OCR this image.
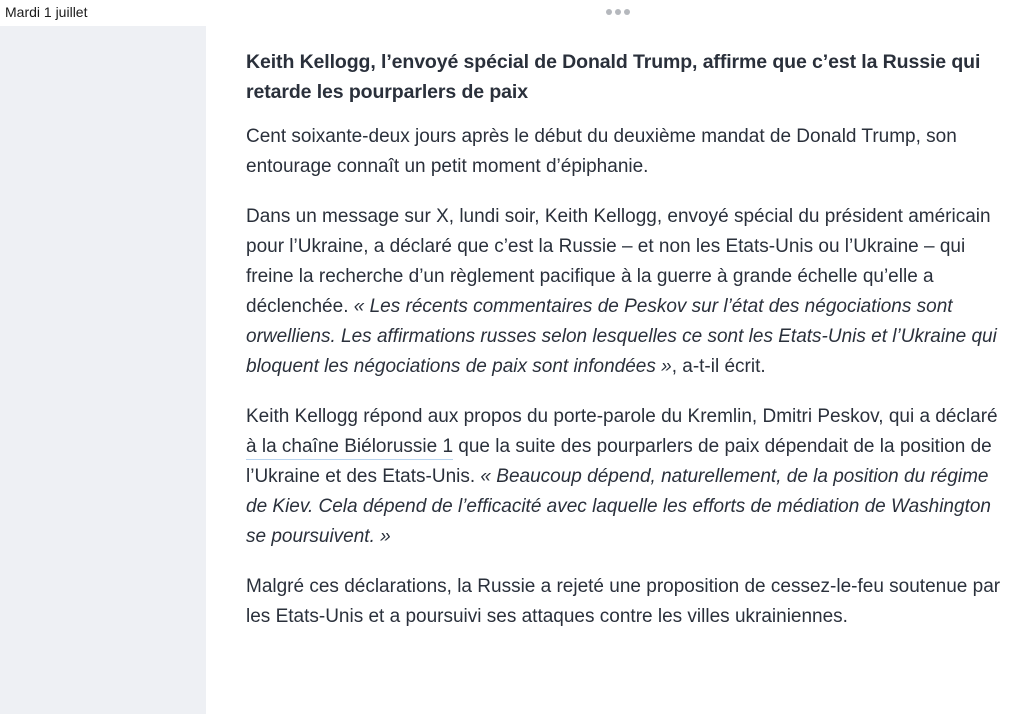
Mardi 1 juillet
Keith Kellogg, l’envoyé spécial de Donald Trump, affirme que c’est la Russie qui retarde les pourparlers de paix

Cent soixante-deux jours après le début du deuxième mandat de Donald Trump, son entourage connaît un petit moment d’épiphanie.

Dans un message sur X, lundi soir, Keith Kellogg, envoyé spécial du président américain pour l’Ukraine, a déclaré que c’est la Russie – et non les Etats-Unis ou l’Ukraine – qui freine la recherche d’un règlement pacifique à la guerre à grande échelle qu’elle a déclenchée. « Les récents commentaires de Peskov sur l’état des négociations sont orwelliens. Les affirmations russes selon lesquelles ce sont les Etats-Unis et l’Ukraine qui bloquent les négociations de paix sont infondées », a-t-il écrit.

Keith Kellogg répond aux propos du porte-parole du Kremlin, Dmitri Peskov, qui a déclaré à la chaîne Biélorussie 1 que la suite des pourparlers de paix dépendait de la position de l’Ukraine et des Etats-Unis. « Beaucoup dépend, naturellement, de la position du régime de Kiev. Cela dépend de l’efficacité avec laquelle les efforts de médiation de Washington se poursuivent. »

Malgré ces déclarations, la Russie a rejeté une proposition de cessez-le-feu soutenue par les Etats-Unis et a poursuivi ses attaques contre les villes ukrainiennes.
